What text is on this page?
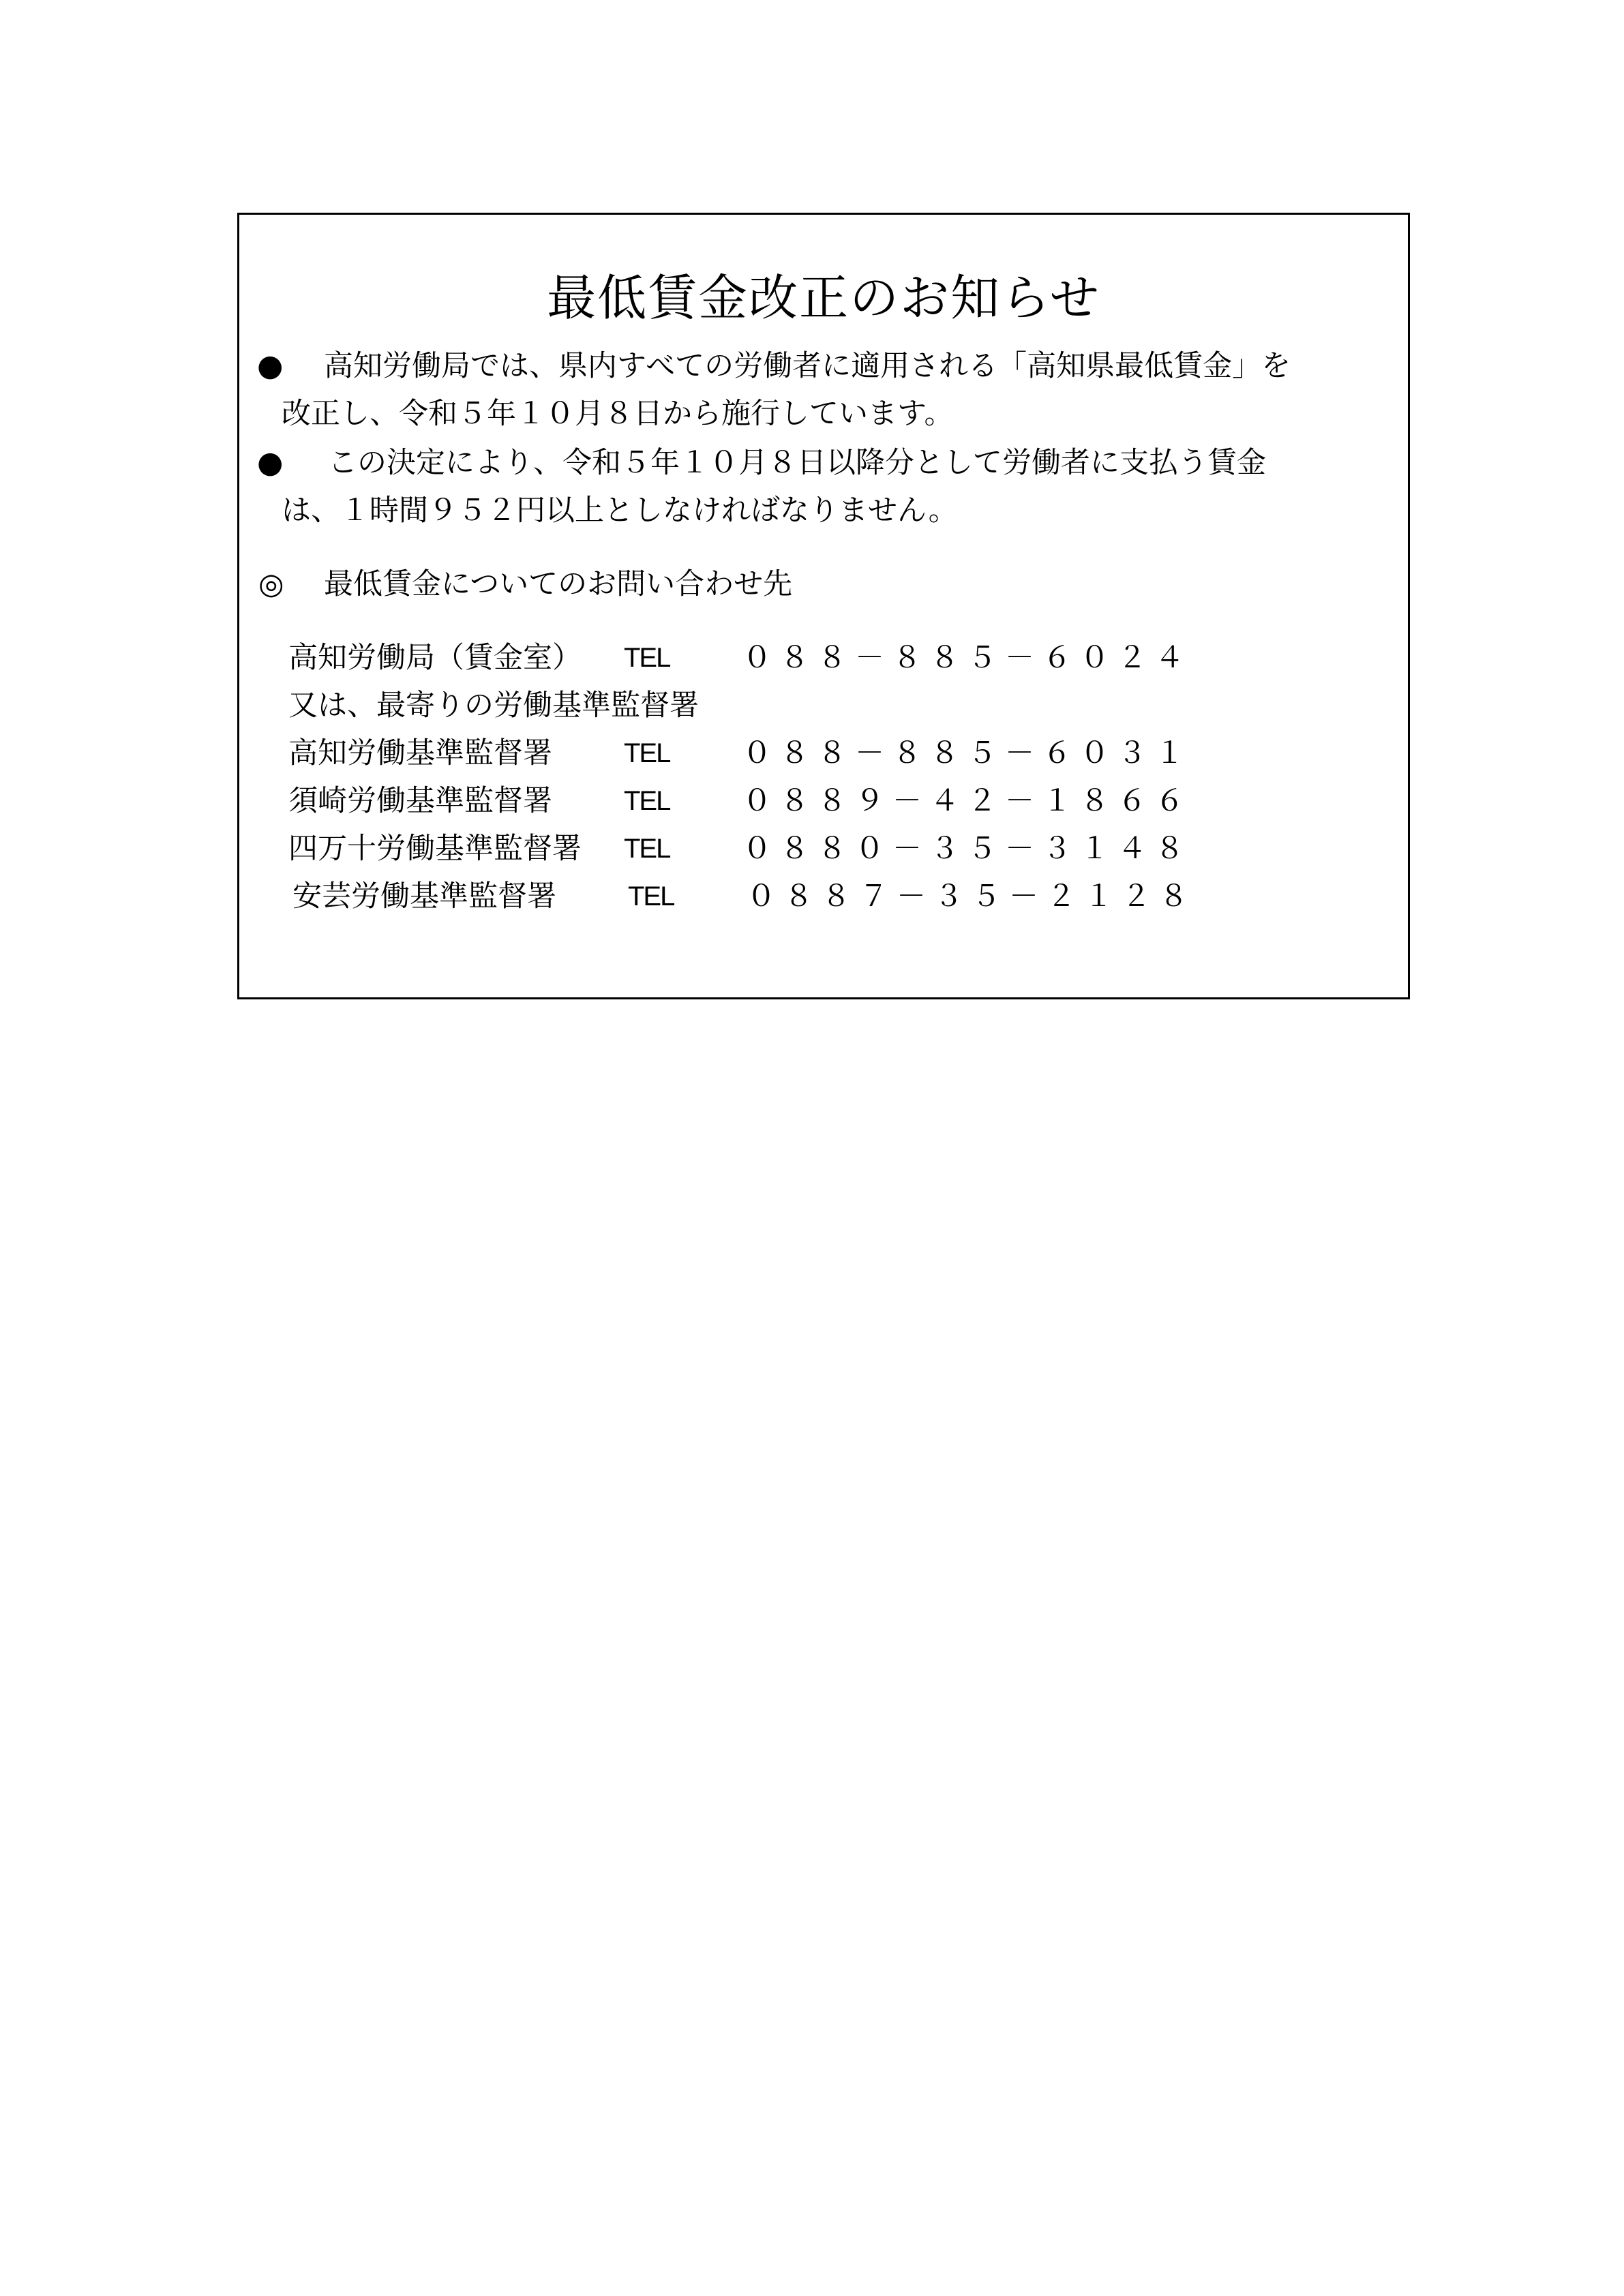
最低賃金改正のお知らせ
● 高知労働局では、県内すべての労働者に適用される「高知県最低賃金」を
改正し、令和５年１０月８日から施行しています。
● この決定により、令和５年１０月８日以降分として労働者に支払う賃金
は、１時間９５２円以上としなければなりません。
◎ 最低賃金についてのお問い合わせ先
高知労働局（賃金室） TEL ０８８－８８５－６０２４
又は、最寄りの労働基準監督署
高知労働基準監督署	TEL ０８８－８８５－６０３１
須崎労働基準監督署	TEL ０８８９－４２－１８６６
四万十労働基準監督署 TEL ０８８０－３５－３１４８
安芸労働基準監督署	TEL ０８８７－３５－２１２８
